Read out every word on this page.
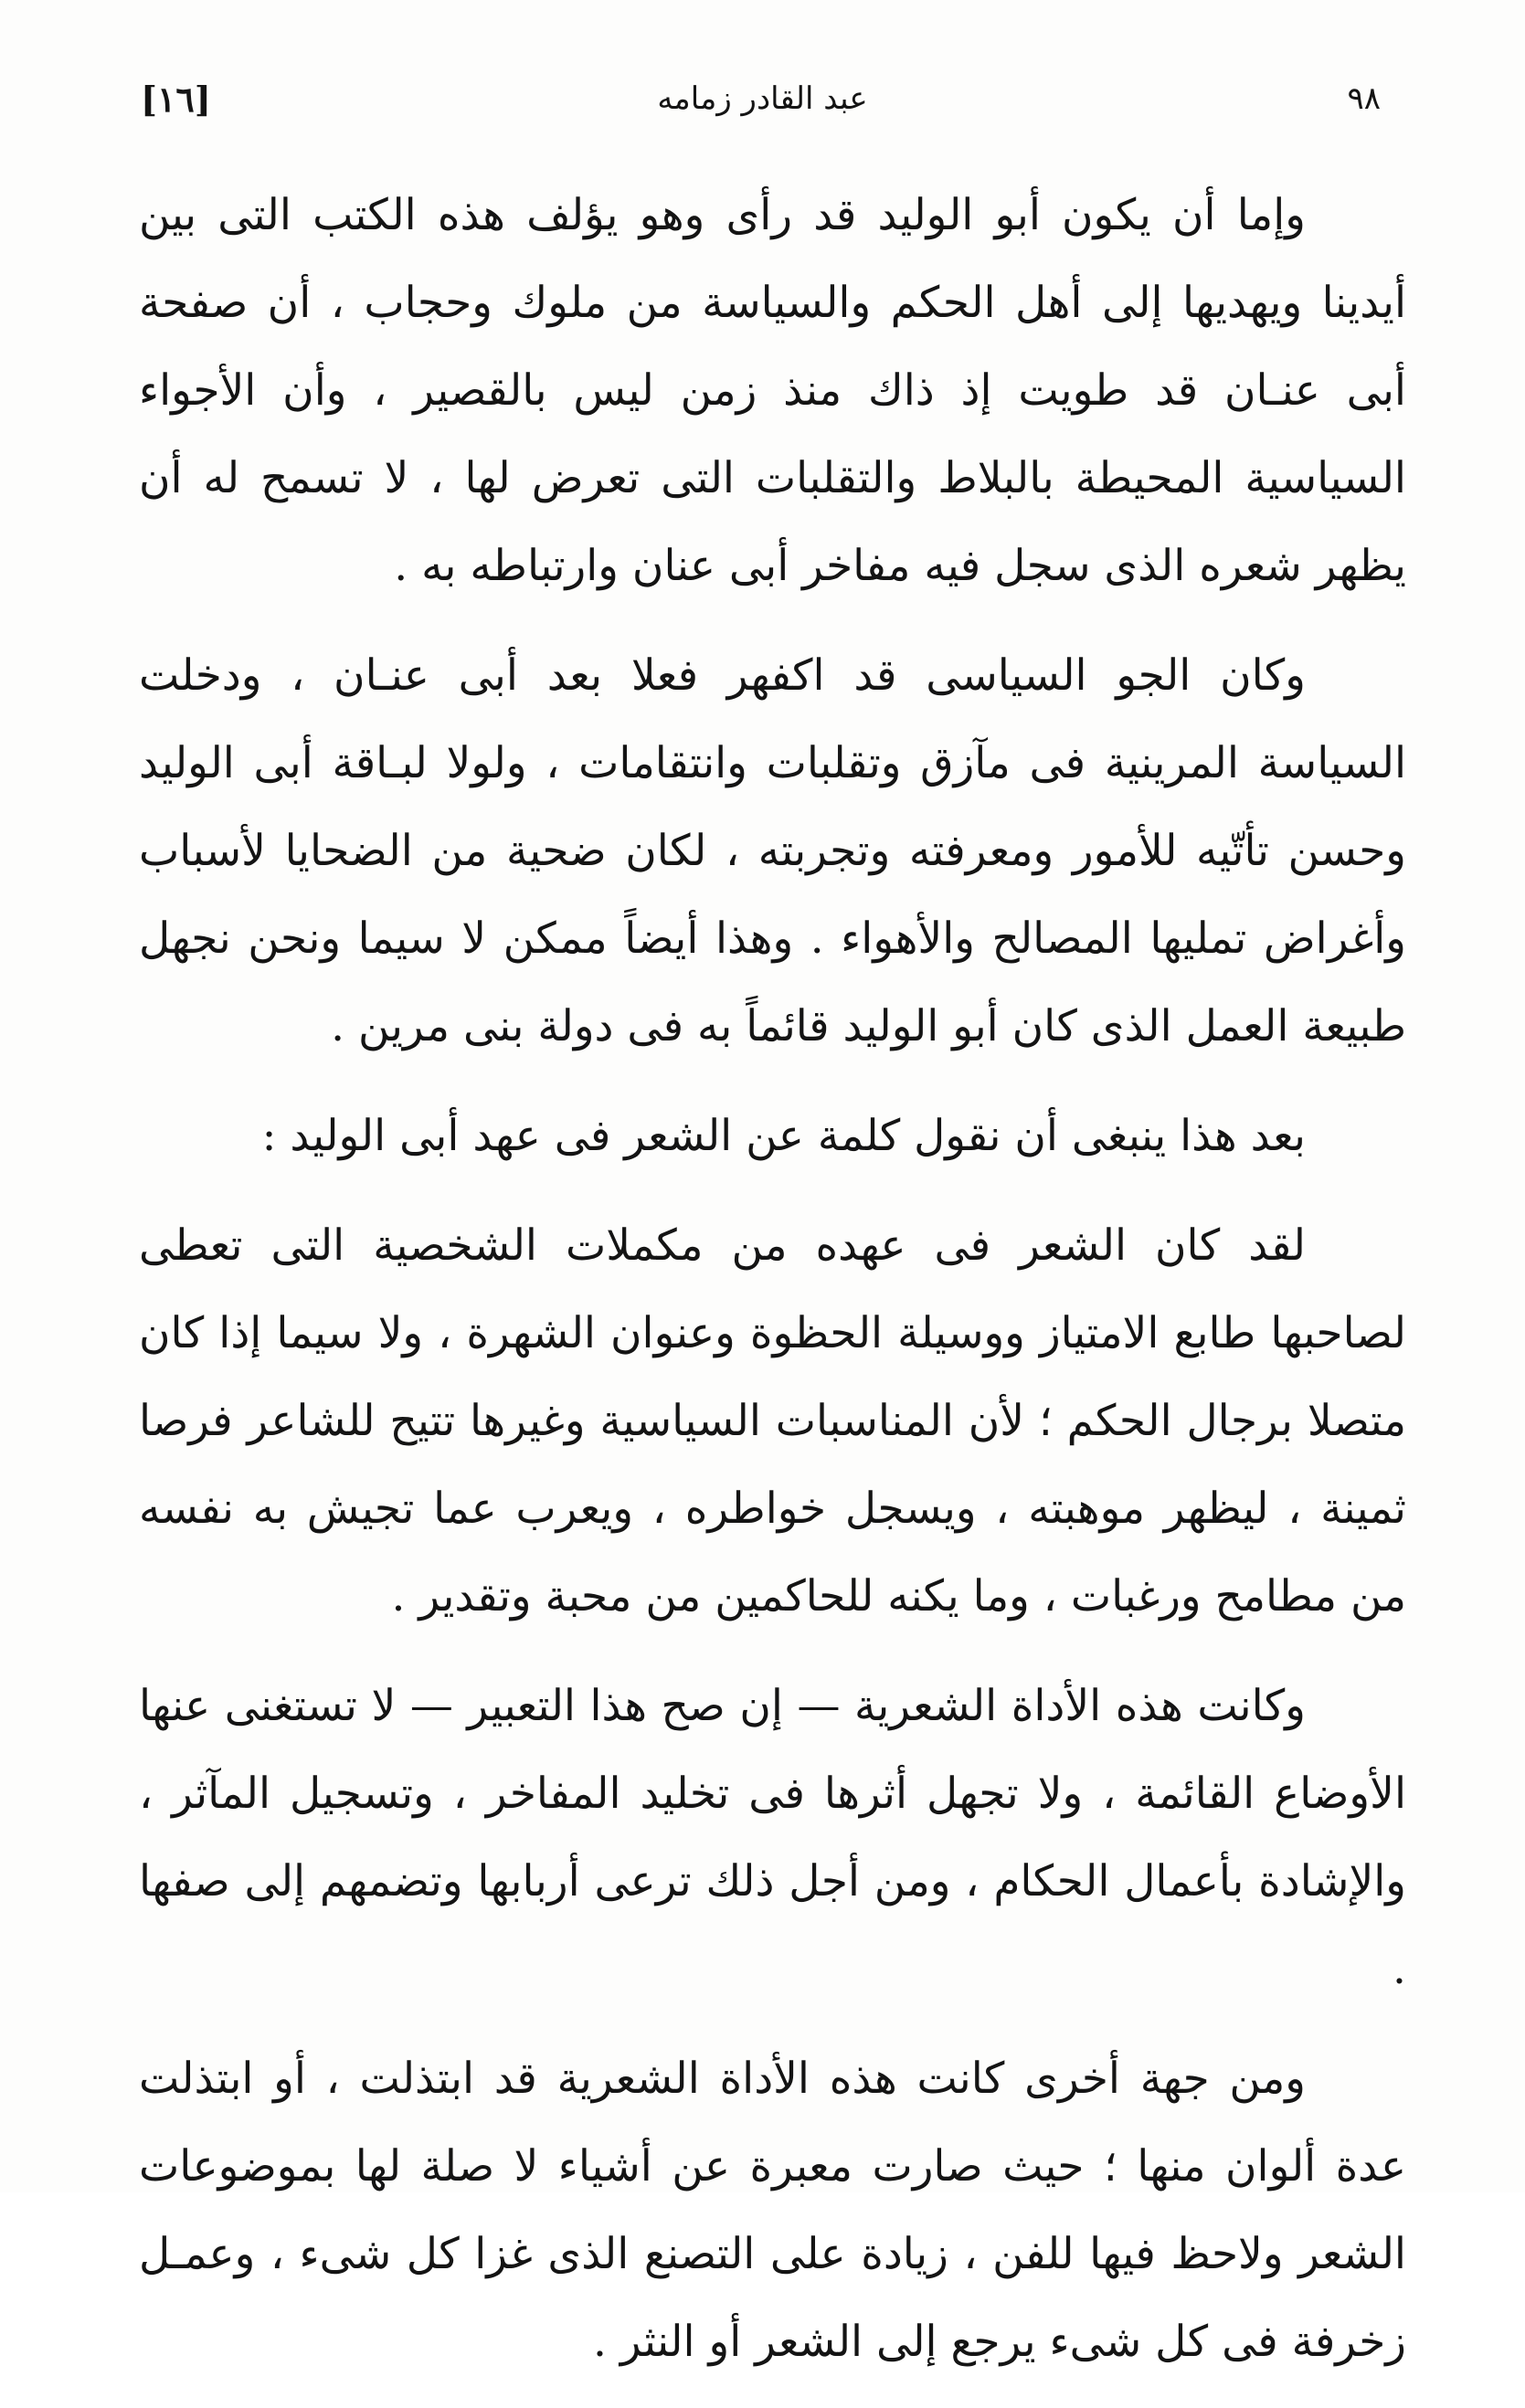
٩٨
عبد القادر زمامه
[١٦]

وإما أن يكون أبو الوليد قد رأى وهو يؤلف هذه الكتب التى بين أيدينا ويهديها إلى أهل الحكم والسياسة من ملوك وحجاب ، أن صفحة أبى عنـان قد طويت إذ ذاك منذ زمن ليس بالقصير ، وأن الأجواء السياسية المحيطة بالبلاط والتقلبات التى تعرض لها ، لا تسمح له أن يظهر شعره الذى سجل فيه مفاخر أبى عنان وارتباطه به .

وكان الجو السياسى قد اكفهر فعلا بعد أبى عنـان ، ودخلت السياسة المرينية فى مآزق وتقلبات وانتقامات ، ولولا لبـاقة أبى الوليد وحسن تأتّيه للأمور ومعرفته وتجربته ، لكان ضحية من الضحايا لأسباب وأغراض تمليها المصالح والأهواء . وهذا أيضاً ممكن لا سيما ونحن نجهل طبيعة العمل الذى كان أبو الوليد قائماً به فى دولة بنى مرين .

بعد هذا ينبغى أن نقول كلمة عن الشعر فى عهد أبى الوليد :

لقد كان الشعر فى عهده من مكملات الشخصية التى تعطى لصاحبها طابع الامتياز ووسيلة الحظوة وعنوان الشهرة ، ولا سيما إذا كان متصلا برجال الحكم ؛ لأن المناسبات السياسية وغيرها تتيح للشاعر فرصا ثمينة ، ليظهر موهبته ، ويسجل خواطره ، ويعرب عما تجيش به نفسه من مطامح ورغبات ، وما يكنه للحاكمين من محبة وتقدير .

وكانت هذه الأداة الشعرية — إن صح هذا التعبير — لا تستغنى عنها الأوضاع القائمة ، ولا تجهل أثرها فى تخليد المفاخر ، وتسجيل المآثر ، والإشادة بأعمال الحكام ، ومن أجل ذلك ترعى أربابها وتضمهم إلى صفها .

ومن جهة أخرى كانت هذه الأداة الشعرية قد ابتذلت ، أو ابتذلت عدة ألوان منها ؛ حيث صارت معبرة عن أشياء لا صلة لها بموضوعات الشعر ولاحظ فيها للفن ، زيادة على التصنع الذى غزا كل شىء ، وعمـل زخرفة فى كل شىء يرجع إلى الشعر أو النثر .
